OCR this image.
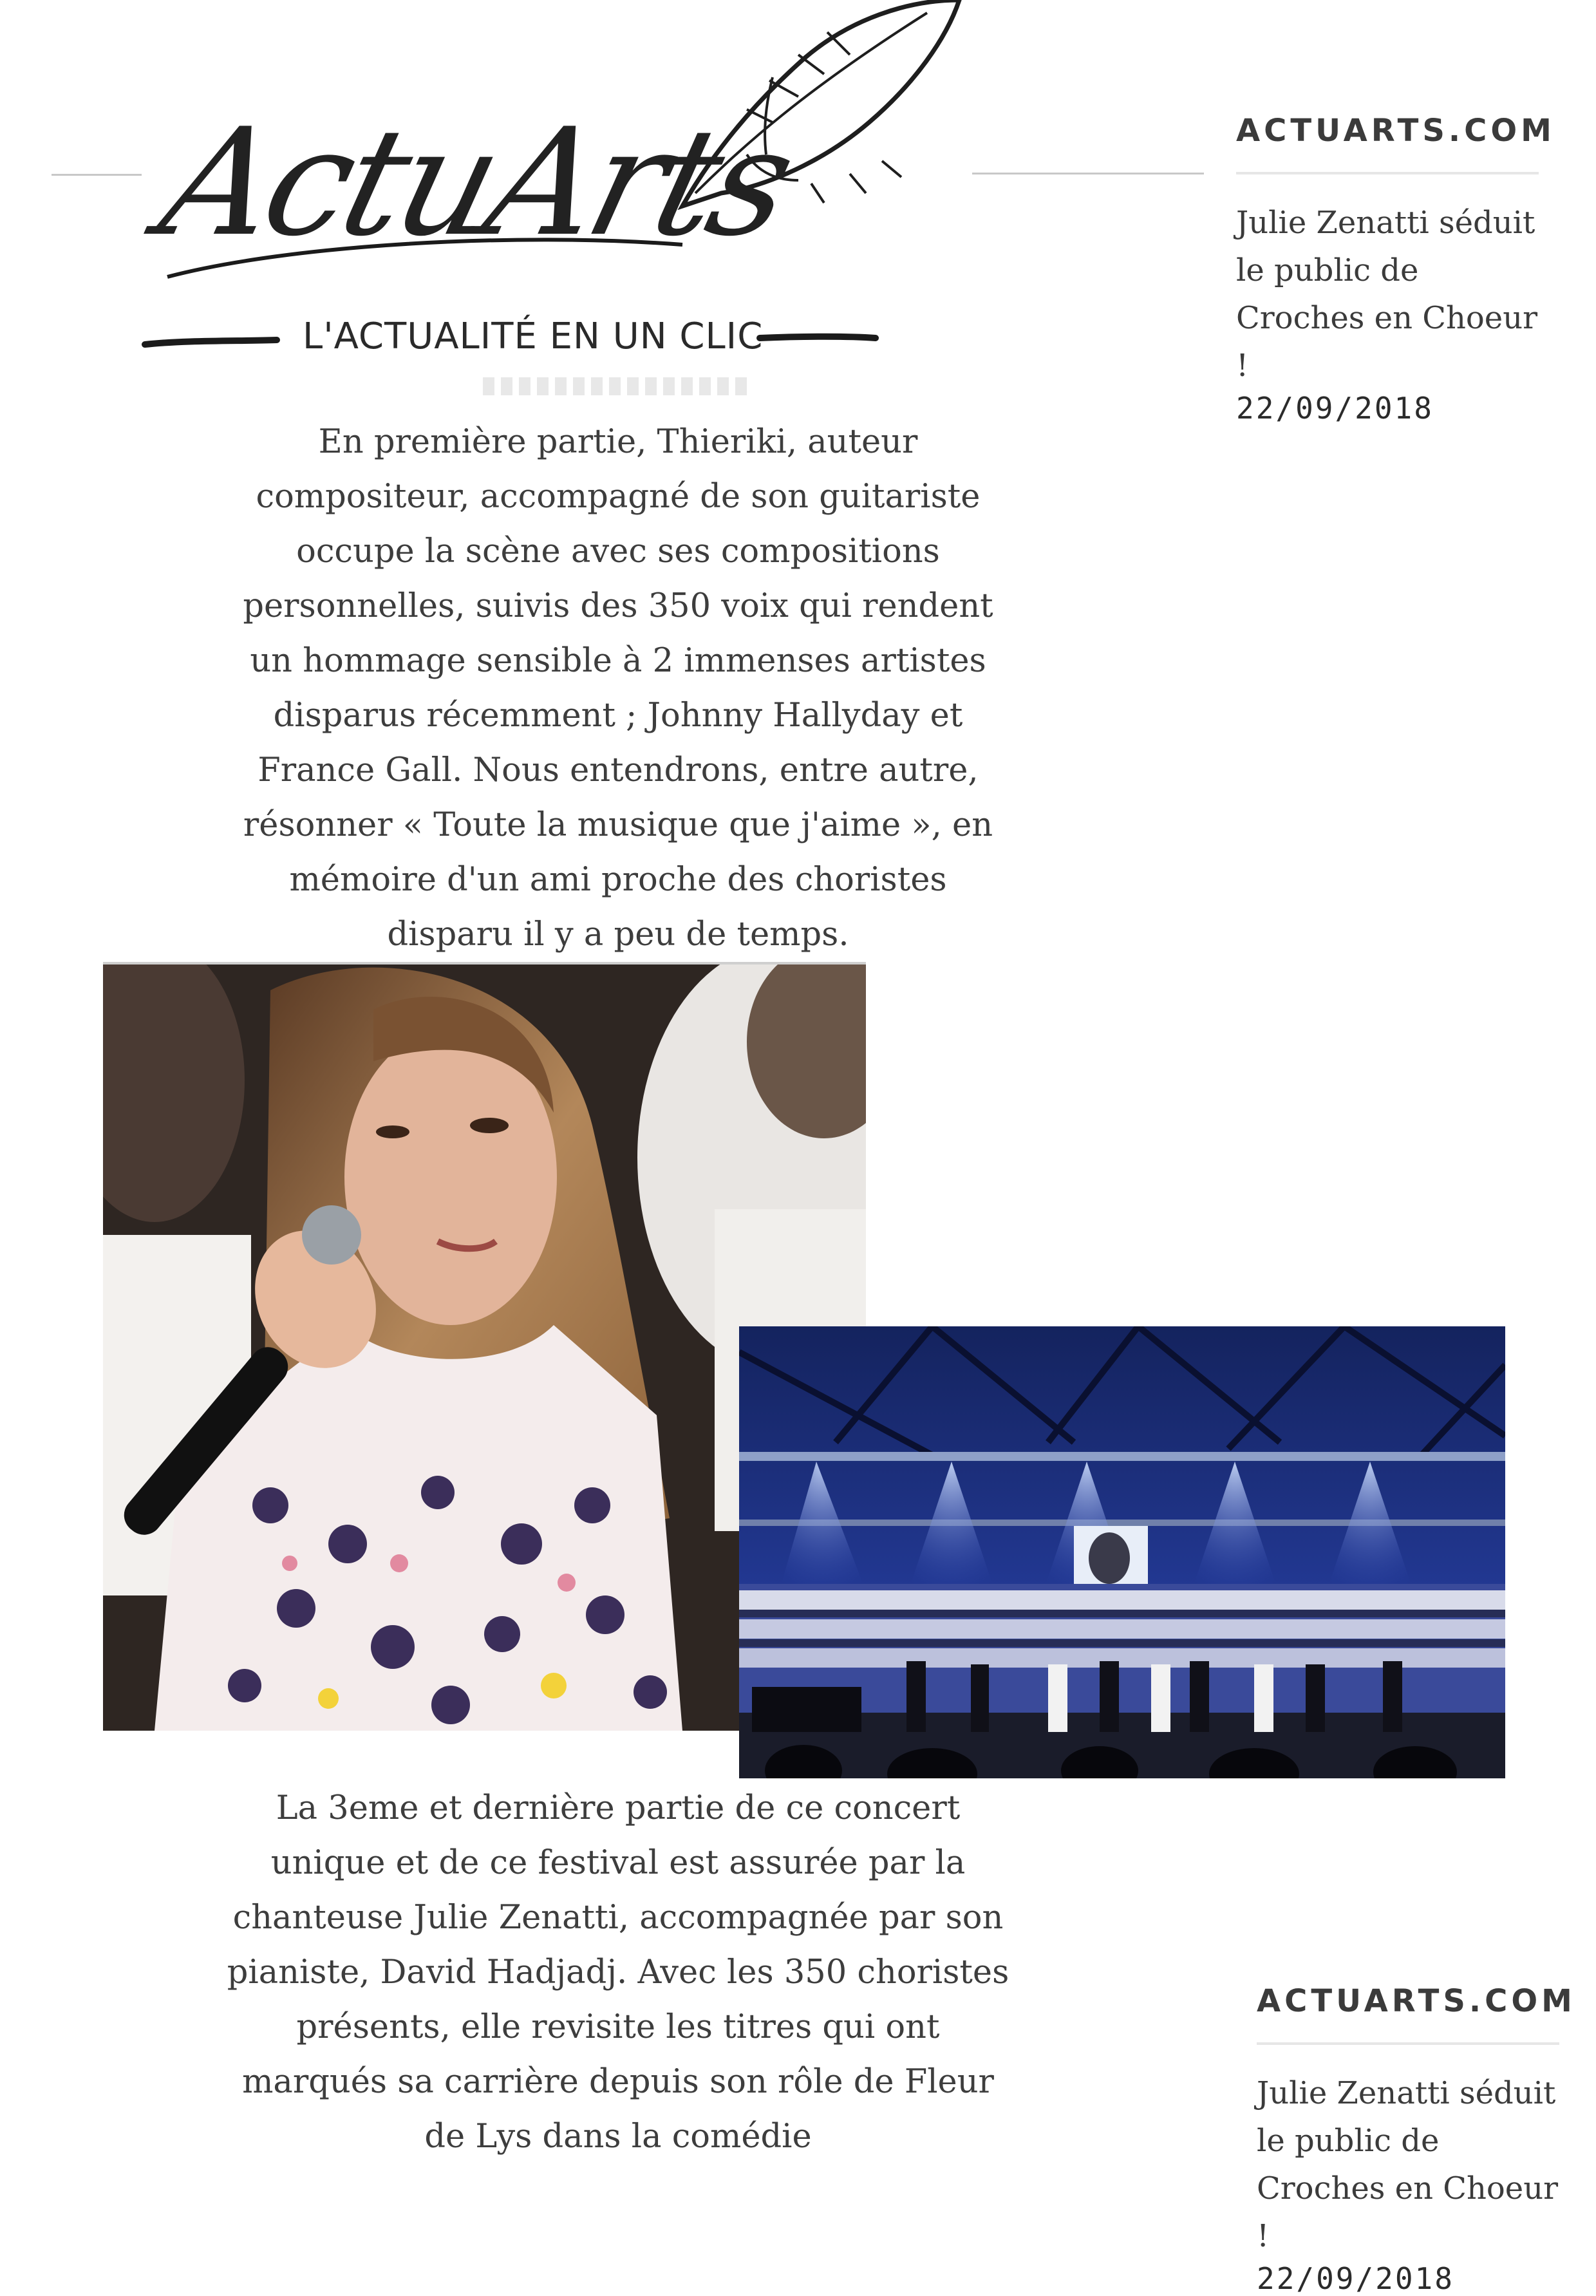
ActuArts
L'ACTUALITÉ EN UN CLIC

En première partie, Thieriki, auteur compositeur, accompagné de son guitariste occupe la scène avec ses compositions personnelles, suivis des 350 voix qui rendent un hommage sensible à 2 immenses artistes disparus récemment ; Johnny Hallyday et France Gall. Nous entendrons, entre autre, résonner « Toute la musique que j'aime », en mémoire d'un ami proche des choristes disparu il y a peu de temps.

La 3eme et dernière partie de ce concert unique et de ce festival est assurée par la chanteuse Julie Zenatti, accompagnée par son pianiste, David Hadjadj. Avec les 350 choristes présents, elle revisite les titres qui ont marqués sa carrière depuis son rôle de Fleur de Lys dans la comédie

ACTUARTS.COM
Julie Zenatti séduit le public de Croches en Choeur !
22/09/2018
ACTUARTS.COM
Julie Zenatti séduit le public de Croches en Choeur !
22/09/2018
